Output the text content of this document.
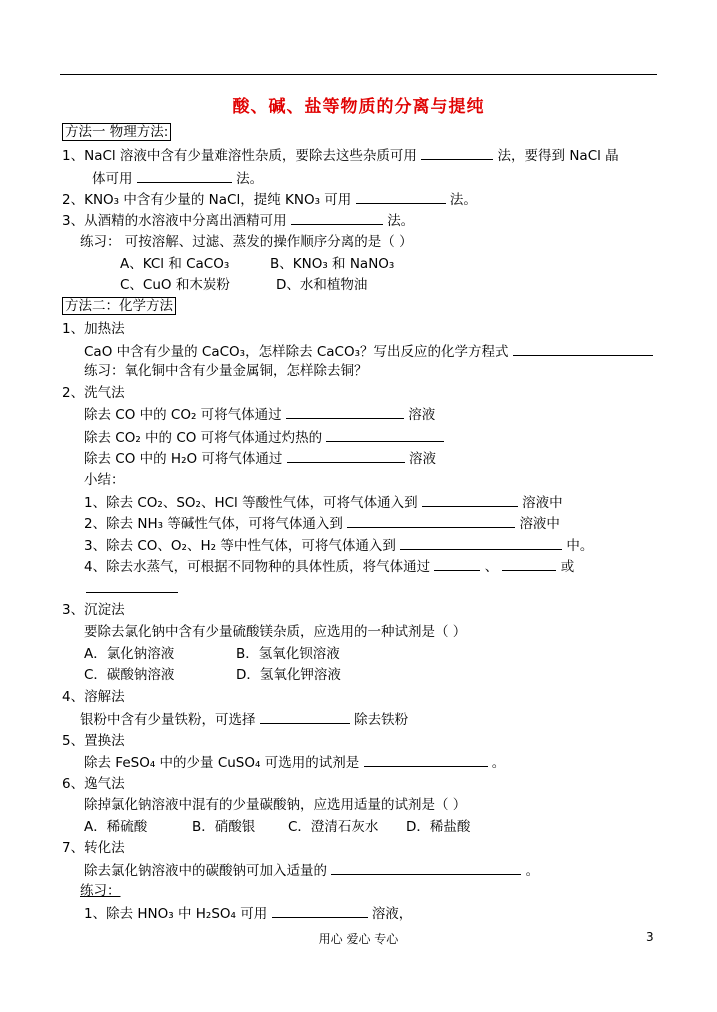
酸、碱、盐等物质的分离与提纯
方法一 物理方法:
1、NaCl 溶液中含有少量难溶性杂质，要除去这些杂质可用	法，要得到 NaCl 晶
体可用	法。
2、KNO₃ 中含有少量的 NaCl，提纯 KNO₃ 可用	法。
3、从酒精的水溶液中分离出酒精可用	法。
练习： 可按溶解、过滤、蒸发的操作顺序分离的是（ ）
A、KCl 和 CaCO₃	B、KNO₃ 和 NaNO₃
C、CuO 和木炭粉	D、水和植物油
方法二：化学方法
1、加热法
CaO 中含有少量的 CaCO₃，怎样除去 CaCO₃？写出反应的化学方程式
练习：氧化铜中含有少量金属铜，怎样除去铜？
2、洗气法
除去 CO 中的 CO₂ 可将气体通过	溶液
除去 CO₂ 中的 CO 可将气体通过灼热的
除去 CO 中的 H₂O 可将气体通过	溶液
小结：
1、除去 CO₂、SO₂、HCl 等酸性气体，可将气体通入到	溶液中
2、除去 NH₃ 等碱性气体，可将气体通入到	溶液中
3、除去 CO、O₂、H₂ 等中性气体，可将气体通入到	中。
4、除去水蒸气，可根据不同物种的具体性质，将气体通过	、	或
3、沉淀法
要除去氯化钠中含有少量硫酸镁杂质，应选用的一种试剂是（ ）
A．氯化钠溶液	B．氢氧化钡溶液
C．碳酸钠溶液	D．氢氧化钾溶液
4、溶解法
银粉中含有少量铁粉，可选择	除去铁粉
5、置换法
除去 FeSO₄ 中的少量 CuSO₄ 可选用的试剂是	。
6、逸气法
除掉氯化钠溶液中混有的少量碳酸钠，应选用适量的试剂是（ ）
A．稀硫酸	B．硝酸银 C．澄清石灰水 D．稀盐酸
7、转化法
除去氯化钠溶液中的碳酸钠可加入适量的	。
练习：
1、除去 HNO₃ 中 H₂SO₄ 可用	溶液，
用心 爱心 专心	3
